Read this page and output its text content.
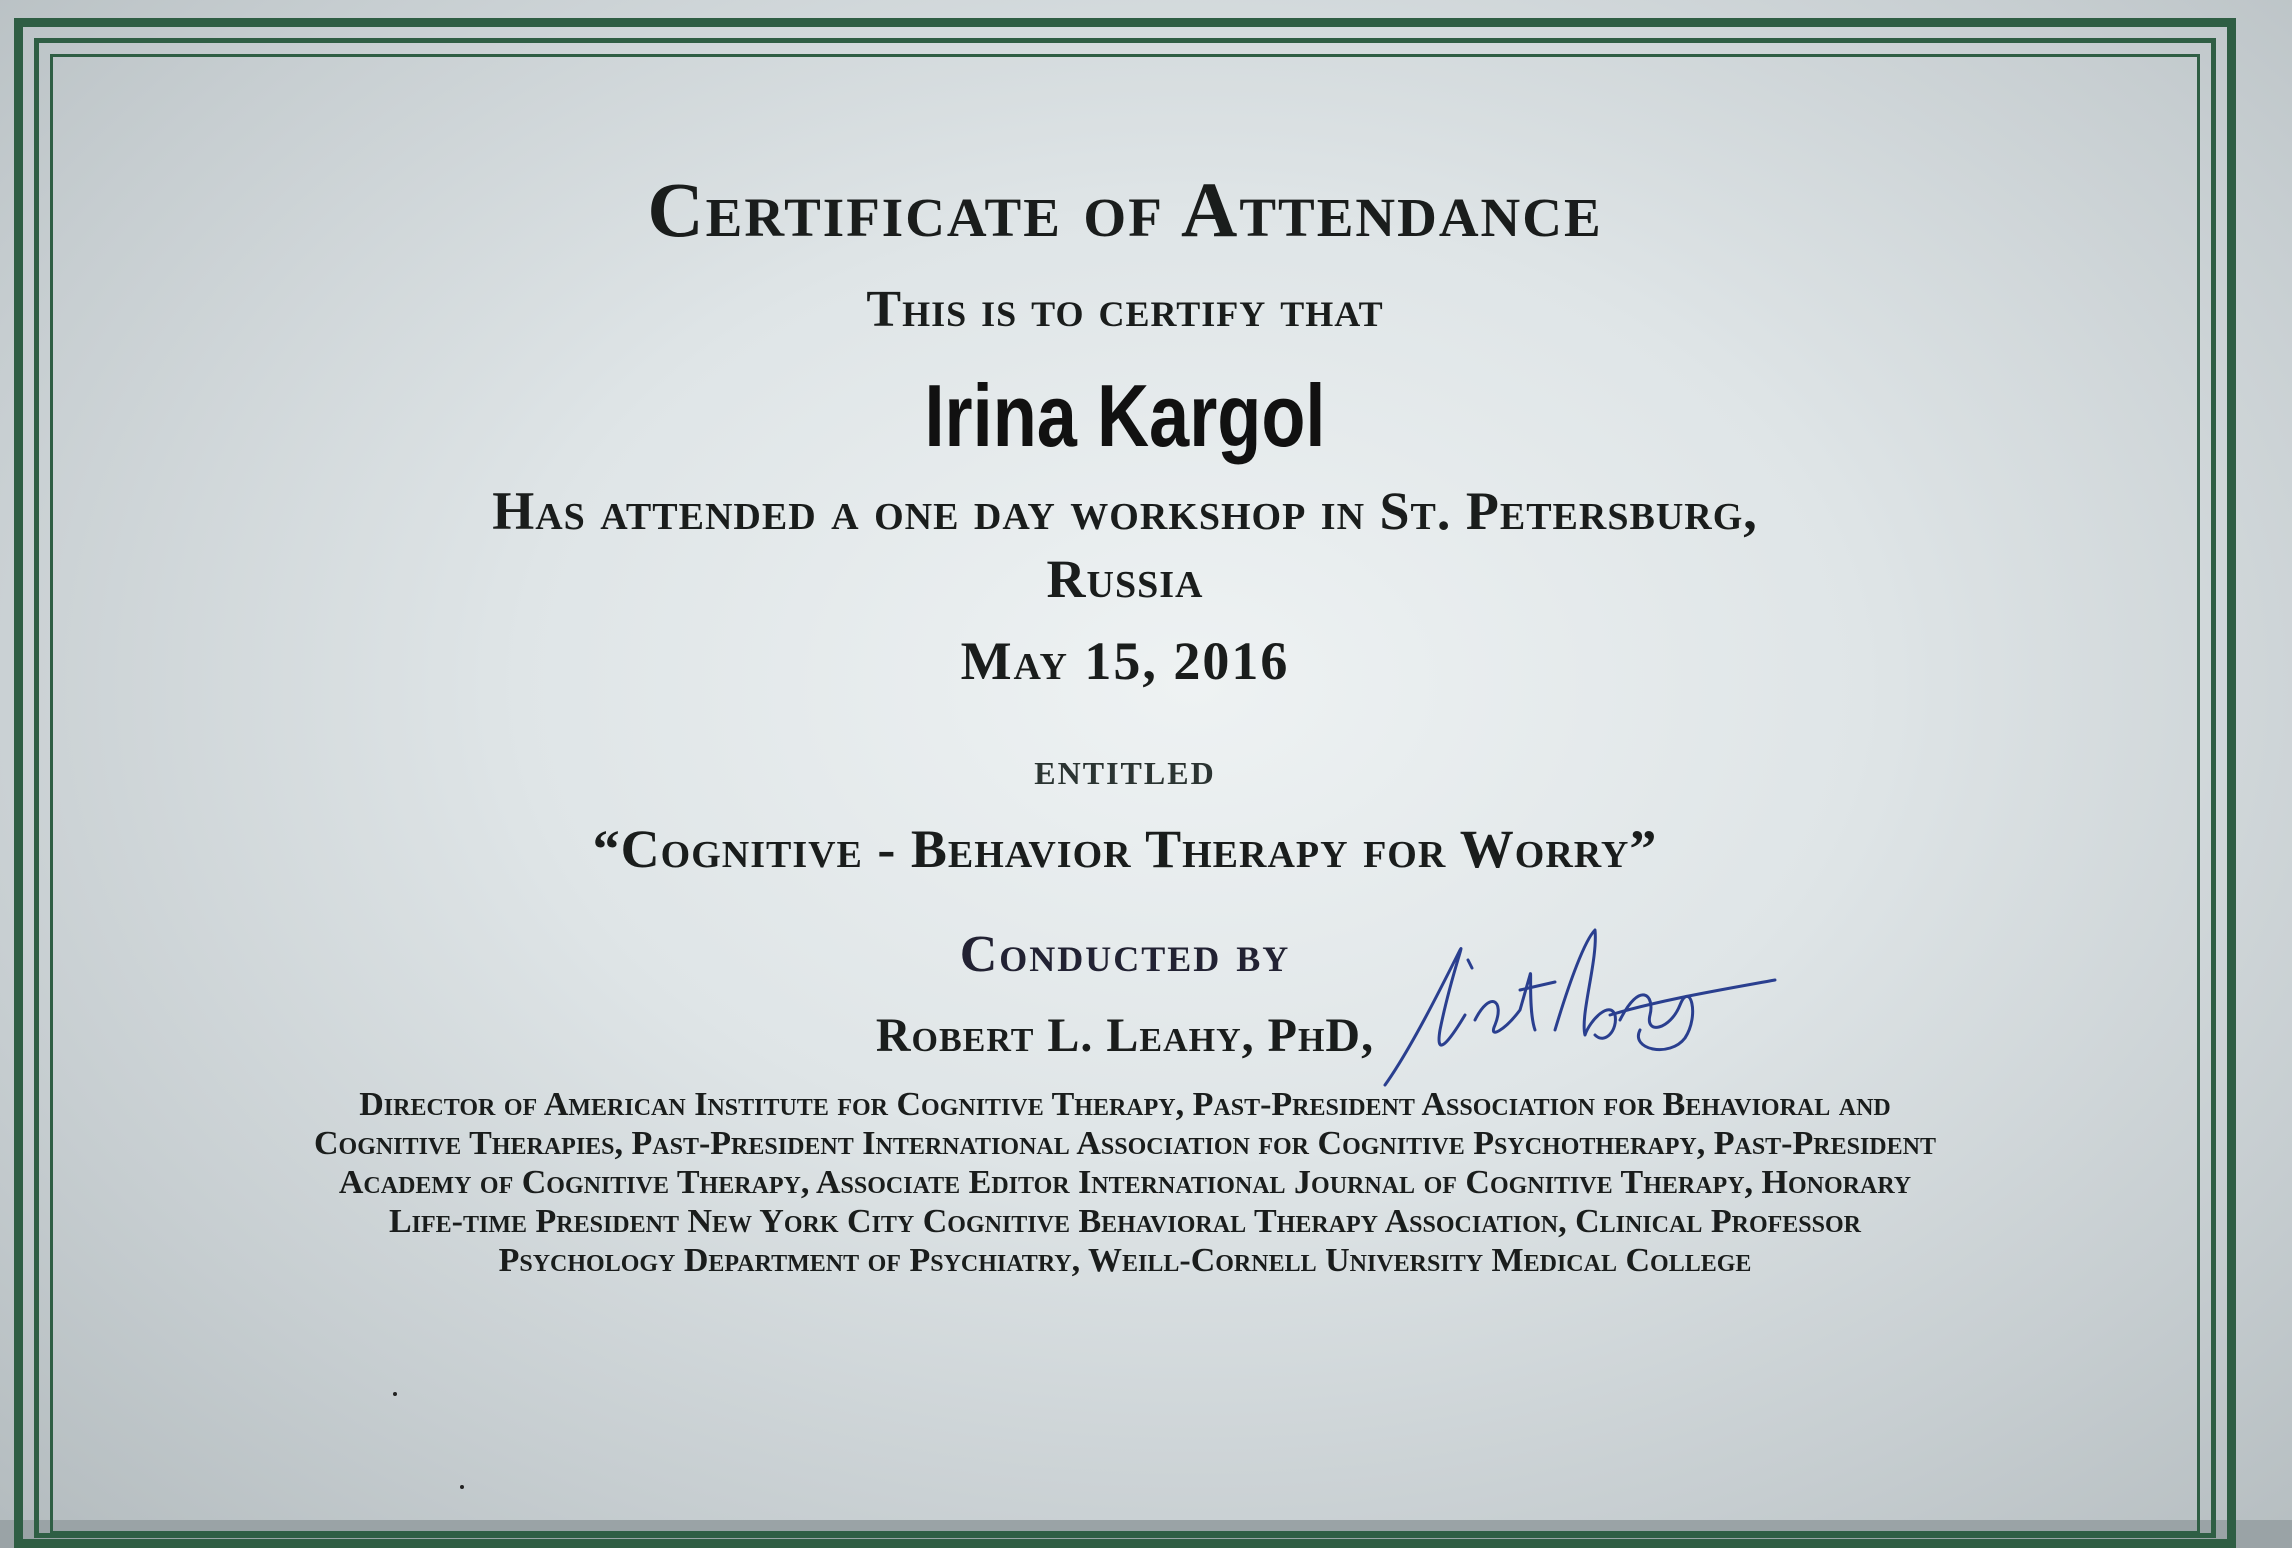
Certificate of Attendance
This is to certify that
Irina Kargol
Has attended a one day workshop in St. Petersburg,
Russia
May 15, 2016
entitled
“Cognitive - Behavior Therapy for Worry”
Conducted by
Robert L. Leahy, PhD,
Director of American Institute for Cognitive Therapy, Past-President Association for Behavioral and Cognitive Therapies, Past-President International Association for Cognitive Psychotherapy, Past-President Academy of Cognitive Therapy, Associate Editor International Journal of Cognitive Therapy, Honorary Life-time President New York City Cognitive Behavioral Therapy Association, Clinical Professor Psychology Department of Psychiatry, Weill-Cornell University Medical College
